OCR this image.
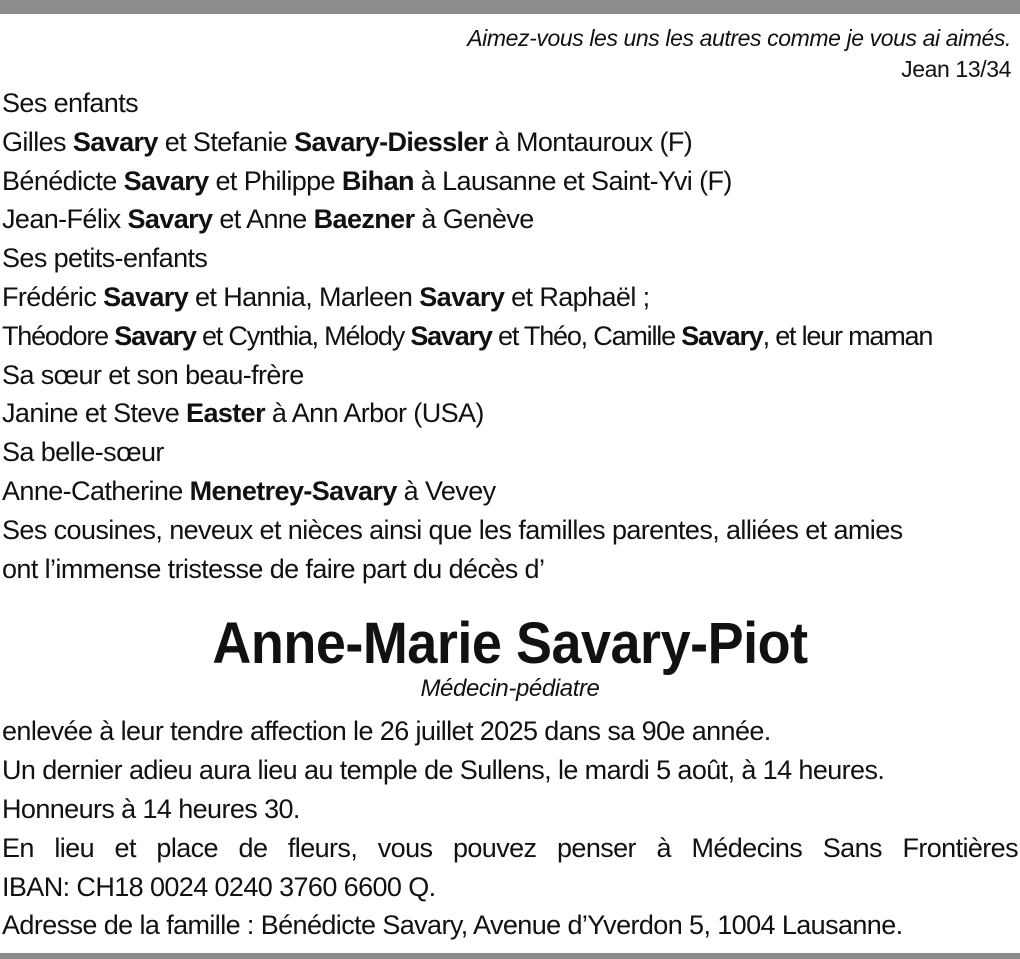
Aimez-vous les uns les autres comme je vous ai aimés.
Jean 13/34
Ses enfants
Gilles Savary et Stefanie Savary-Diessler à Montauroux (F)
Bénédicte Savary et Philippe Bihan à Lausanne et Saint-Yvi (F)
Jean-Félix Savary et Anne Baezner à Genève
Ses petits-enfants
Frédéric Savary et Hannia, Marleen Savary et Raphaël ;
Théodore Savary et Cynthia, Mélody Savary et Théo, Camille Savary, et leur maman
Sa sœur et son beau-frère
Janine et Steve Easter à Ann Arbor (USA)
Sa belle-sœur
Anne-Catherine Menetrey-Savary à Vevey
Ses cousines, neveux et nièces ainsi que les familles parentes, alliées et amies
ont l’immense tristesse de faire part du décès d’
Anne-Marie Savary-Piot
Médecin-pédiatre
enlevée à leur tendre affection le 26 juillet 2025 dans sa 90e année.
Un dernier adieu aura lieu au temple de Sullens, le mardi 5 août, à 14 heures.
Honneurs à 14 heures 30.
En lieu et place de fleurs, vous pouvez penser à Médecins Sans Frontières
IBAN: CH18 0024 0240 3760 6600 Q.
Adresse de la famille : Bénédicte Savary, Avenue d’Yverdon 5, 1004 Lausanne.
